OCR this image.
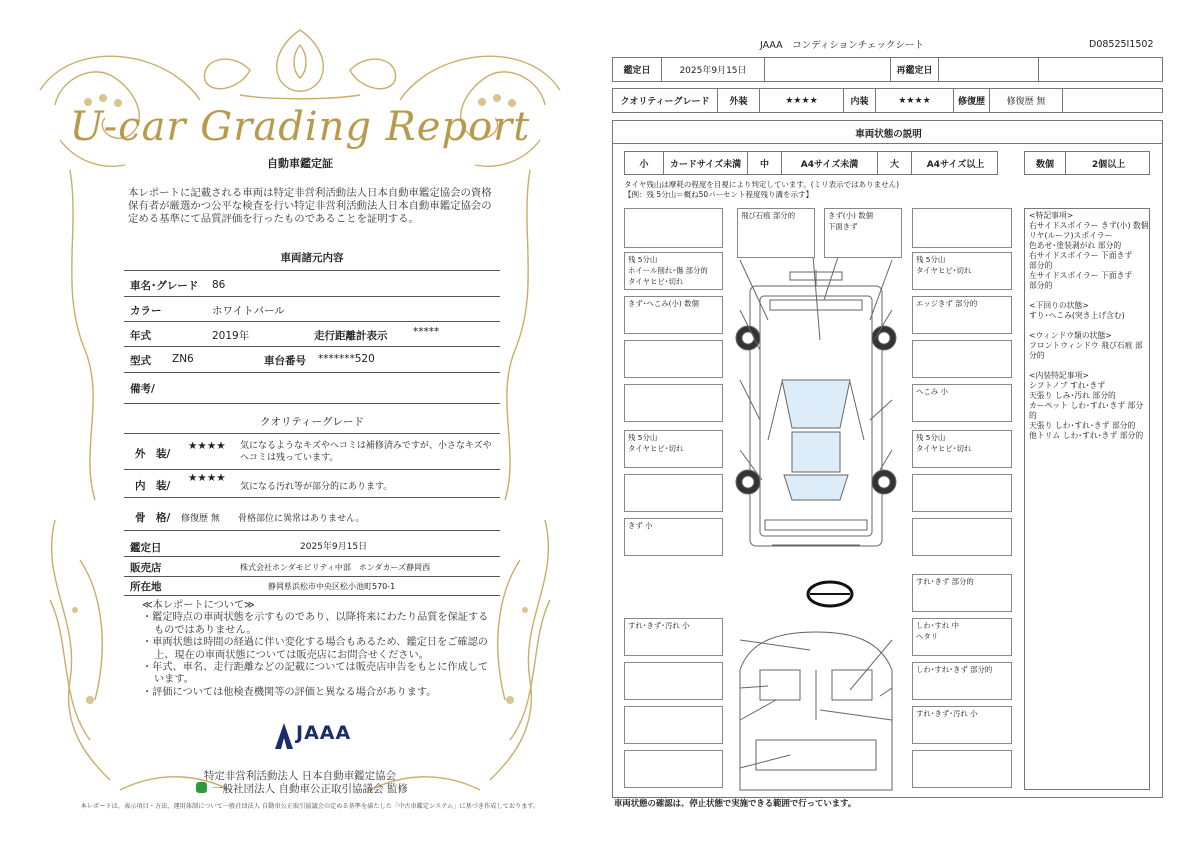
U-car Grading Report
自動車鑑定証
本レポートに記載される車両は特定非営利活動法人日本自動車鑑定協会の資格保有者が厳選かつ公平な検査を行い特定非営利活動法人日本自動車鑑定協会の定める基準にて品質評価を行ったものであることを証明する。
車両諸元内容
車名･グレード 86
カラー	ホワイトパール
年式	2019年	走行距離計表示 *****
型式 ZN6	車台番号 *******520
備考/
クオリティーグレード
外　装/
★★★★ 気になるようなキズやヘコミは補修済みですが、小さなキズやヘコミは残っています。
内　装/
★★★★
気になる汚れ等が部分的にあります。
骨　格/ 修復歴 無 骨格部位に異常はありません。
鑑定日	2025年9月15日
販売店	株式会社ホンダモビリティ中部　ホンダカーズ静岡西
所在地	静岡県浜松市中央区松小池町570-1
≪本レポートについて≫
・鑑定時点の車両状態を示すものであり、以降将来にわたり品質を保証するものではありません。
・車両状態は時間の経過に伴い変化する場合もあるため、鑑定日をご確認の上、現在の車両状態については販売店にお問合せください。
・年式、車名、走行距離などの記載については販売店申告をもとに作成しています。
・評価については他検査機関等の評価と異なる場合があります。
JAAA
特定非営利活動法人 日本自動車鑑定協会
一般社団法人 自動車公正取引協議会 監修
本レポートは、表示項目・方法、運用体制について一般社団法人 自動車公正取引協議会の定める基準を満たした「中古車鑑定システム」に基づき作成しております。
JAAA　コンディションチェックシート	D08525I1502
鑑定日	2025年9月15日	再鑑定日
クオリティーグレード	外装	★★★★	内装	★★★★	修復歴	修復歴 無
車両状態の説明
小	カードサイズ未満	中	A4サイズ未満	大	A4サイズ以上	数個	2個以上
タイヤ残山は摩耗の程度を目視により判定しています。(ミリ表示ではありません)
【例：残 5分山＝概ね50パーセント程度残り溝を示す】
飛び石痕 部分的	きず(小) 数個
下面きず
残 5分山
ホイール削れ･傷 部分的
タイヤヒビ･切れ
きず･へこみ(小) 数個
残 5分山
タイヤヒビ･切れ
きず 小
残 5分山
タイヤヒビ･切れ
エッジきず 部分的
へこみ 小
残 5分山
タイヤヒビ･切れ
すれ･きず 部分的
すれ･きず･汚れ 小	しわ･すれ 中
ヘタリ
しわ･すれ･きず 部分的
すれ･きず･汚れ 小
<特記事項>
右サイドスポイラー きず(小) 数個
リヤ(ルーフ)スポイラー
色あせ･塗装剥がれ 部分的
右サイドスポイラー 下面きず
部分的
左サイドスポイラー 下面きず
部分的
<下回りの状態>
すり･へこみ(突き上げ含む)
<ウィンドウ類の状態>
フロントウィンドウ 飛び石痕 部分的
<内装特記事項>
シフトノブ すれ･きず
天張り しみ･汚れ 部分的
カーペット しわ･すれ･きず 部分的
天張り しわ･すれ･きず 部分的
他トリム しわ･すれ･きず 部分的
車両状態の確認は、停止状態で実施できる範囲で行っています。
